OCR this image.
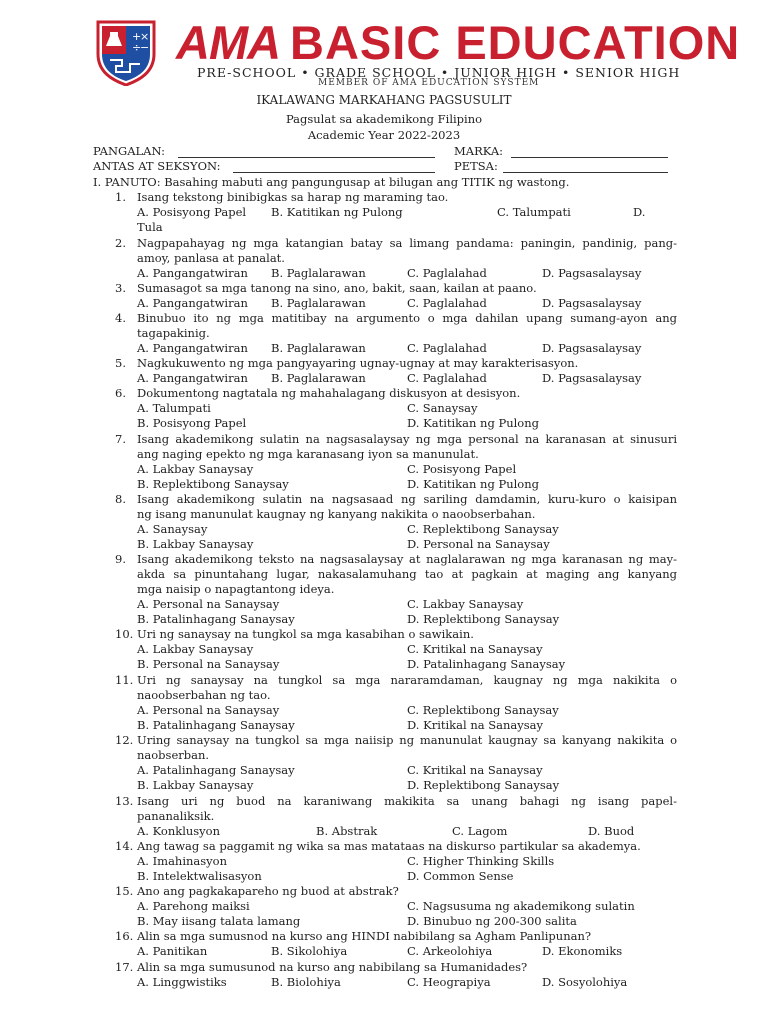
+
×
÷
− AMA BASIC EDUCATION
PRE-SCHOOL • GRADE SCHOOL • JUNIOR HIGH • SENIOR HIGH
MEMBER OF AMA EDUCATION SYSTEM
IKALAWANG MARKAHANG PAGSUSULIT
Pagsulat sa akademikong Filipino
Academic Year 2022-2023
PANGALAN:	MARKA:
ANTAS AT SEKSYON:	PETSA:
I. PANUTO: Basahing mabuti ang pangungusap at bilugan ang TITIK ng wastong.
1. Isang tekstong binibigkas sa harap ng maraming tao.
A. Posisyong Papel B. Katitikan ng Pulong	C. Talumpati	D.
Tula
2. Nagpapahayag ng mga katangian batay sa limang pandama: paningin, pandinig, pang-
amoy, panlasa at panalat.
A. Pangangatwiran B. Paglalarawan	C. Paglalahad	D. Pagsasalaysay
3. Sumasagot sa mga tanong na sino, ano, bakit, saan, kailan at paano.
A. Pangangatwiran B. Paglalarawan	C. Paglalahad	D. Pagsasalaysay
4. Binubuo ito ng mga matitibay na argumento o mga dahilan upang sumang-ayon ang
tagapakinig.
A. Pangangatwiran B. Paglalarawan	C. Paglalahad	D. Pagsasalaysay
5. Nagkukuwento ng mga pangyayaring ugnay-ugnay at may karakterisasyon.
A. Pangangatwiran B. Paglalarawan	C. Paglalahad	D. Pagsasalaysay
6. Dokumentong nagtatala ng mahahalagang diskusyon at desisyon.
A. Talumpati	C. Sanaysay
B. Posisyong Papel	D. Katitikan ng Pulong
7. Isang akademikong sulatin na nagsasalaysay ng mga personal na karanasan at sinusuri
ang naging epekto ng mga karanasang iyon sa manunulat.
A. Lakbay Sanaysay	C. Posisyong Papel
B. Replektibong Sanaysay	D. Katitikan ng Pulong
8. Isang akademikong sulatin na nagsasaad ng sariling damdamin, kuru-kuro o kaisipan
ng isang manunulat kaugnay ng kanyang nakikita o naoobserbahan.
A. Sanaysay	C. Replektibong Sanaysay
B. Lakbay Sanaysay	D. Personal na Sanaysay
9. Isang akademikong teksto na nagsasalaysay at naglalarawan ng mga karanasan ng may-
akda sa pinuntahang lugar, nakasalamuhang tao at pagkain at maging ang kanyang
mga naisip o napagtantong ideya.
A. Personal na Sanaysay	C. Lakbay Sanaysay
B. Patalinhagang Sanaysay	D. Replektibong Sanaysay
10. Uri ng sanaysay na tungkol sa mga kasabihan o sawikain.
A. Lakbay Sanaysay	C. Kritikal na Sanaysay
B. Personal na Sanaysay	D. Patalinhagang Sanaysay
11. Uri ng sanaysay na tungkol sa mga nararamdaman, kaugnay ng mga nakikita o
naoobserbahan ng tao.
A. Personal na Sanaysay	C. Replektibong Sanaysay
B. Patalinhagang Sanaysay	D. Kritikal na Sanaysay
12. Uring sanaysay na tungkol sa mga naiisip ng manunulat kaugnay sa kanyang nakikita o
naobserban.
A. Patalinhagang Sanaysay	C. Kritikal na Sanaysay
B. Lakbay Sanaysay	D. Replektibong Sanaysay
13. Isang uri ng buod na karaniwang makikita sa unang bahagi ng isang papel-
pananaliksik.
A. Konklusyon	B. Abstrak	C. Lagom	D. Buod
14. Ang tawag sa paggamit ng wika sa mas matataas na diskurso partikular sa akademya.
A. Imahinasyon	C. Higher Thinking Skills
B. Intelektwalisasyon	D. Common Sense
15. Ano ang pagkakapareho ng buod at abstrak?
A. Parehong maiksi	C. Nagsusuma ng akademikong sulatin
B. May iisang talata lamang	D. Binubuo ng 200-300 salita
16. Alin sa mga sumusnod na kurso ang HINDI nabibilang sa Agham Panlipunan?
A. Panitikan	B. Sikolohiya	C. Arkeolohiya	D. Ekonomiks
17. Alin sa mga sumusunod na kurso ang nabibilang sa Humanidades?
A. Linggwistiks	B. Biolohiya	C. Heograpiya	D. Sosyolohiya
